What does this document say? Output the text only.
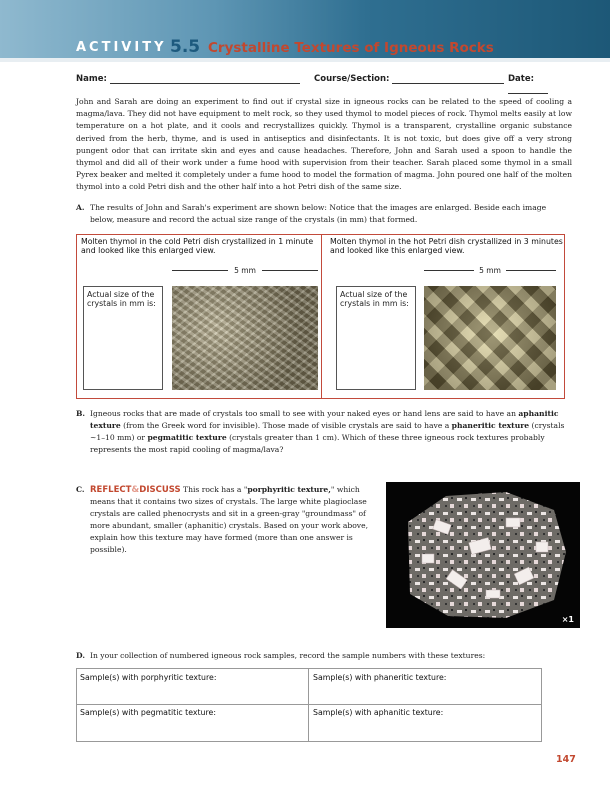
ACTIVITY 5.5 Crystalline Textures of Igneous Rocks
Name:	Course/Section:	Date:
John and Sarah are doing an experiment to find out if crystal size in igneous rocks can be related to the speed of cooling a magma/lava. They did not have equipment to melt rock, so they used thymol to model pieces of rock. Thymol melts easily at low temperature on a hot plate, and it cools and recrystallizes quickly. Thymol is a transparent, crystalline organic substance derived from the herb, thyme, and is used in antiseptics and disinfectants. It is not toxic, but does give off a very strong pungent odor that can irritate skin and eyes and cause headaches. Therefore, John and Sarah used a spoon to handle the thymol and did all of their work under a fume hood with supervision from their teacher. Sarah placed some thymol in a small Pyrex beaker and melted it completely under a fume hood to model the formation of magma. John poured one half of the molten thymol into a cold Petri dish and the other half into a hot Petri dish of the same size.
A. The results of John and Sarah's experiment are shown below: Notice that the images are enlarged. Beside each image below, measure and record the actual size range of the crystals (in mm) that formed.
Molten thymol in the cold Petri dish crystallized in 1 minute and looked like this enlarged view.
5 mm
Actual size of the crystals in mm is:
Molten thymol in the hot Petri dish crystallized in 3 minutes and looked like this enlarged view.
5 mm
Actual size of the crystals in mm is:
B. Igneous rocks that are made of crystals too small to see with your naked eyes or hand lens are said to have an aphanitic texture (from the Greek word for invisible). Those made of visible crystals are said to have a phaneritic texture (crystals ~1–10 mm) or pegmatitic texture (crystals greater than 1 cm). Which of these three igneous rock textures probably represents the most rapid cooling of magma/lava?
C. REFLECT&DISCUSS This rock has a "porphyritic texture," which means that it contains two sizes of crystals. The large white plagioclase crystals are called phenocrysts and sit in a green-gray "groundmass" of more abundant, smaller (aphanitic) crystals. Based on your work above, explain how this texture may have formed (more than one answer is possible).
×1
D. In your collection of numbered igneous rock samples, record the sample numbers with these textures:
Sample(s) with porphyritic texture:	Sample(s) with phaneritic texture:
Sample(s) with pegmatitic texture:	Sample(s) with aphanitic texture:
147
